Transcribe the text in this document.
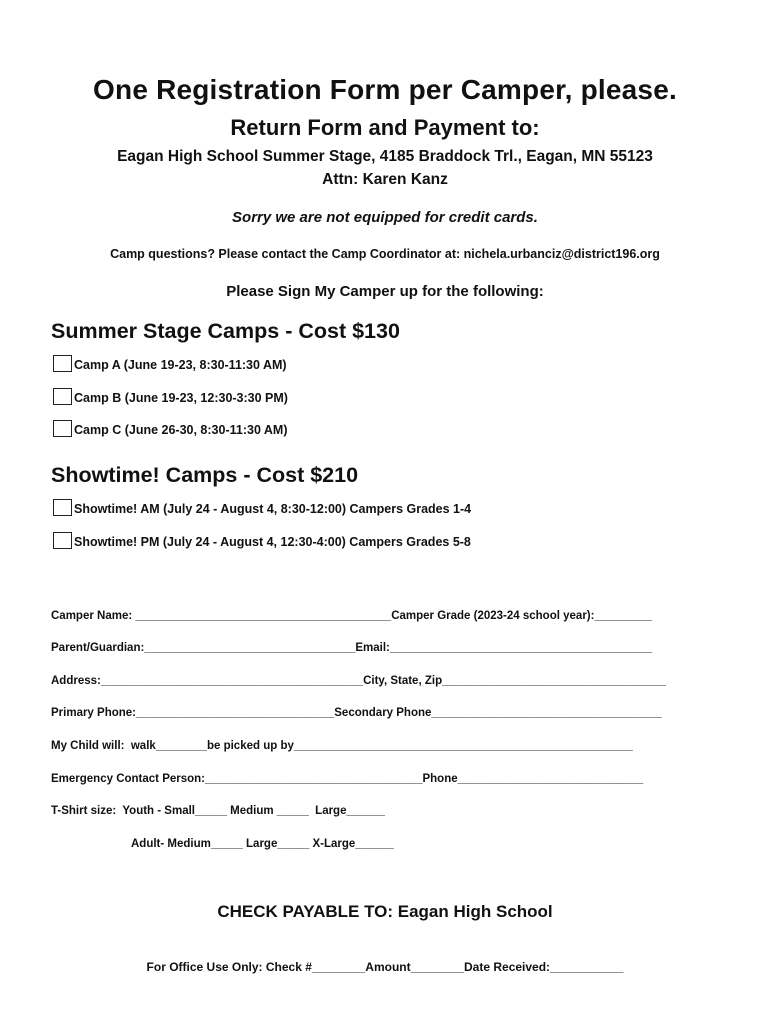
One Registration Form per Camper, please.
Return Form and Payment to:
Eagan High School Summer Stage, 4185 Braddock Trl., Eagan, MN 55123
Attn: Karen Kanz
Sorry we are not equipped for credit cards.
Camp questions? Please contact the Camp Coordinator at: nichela.urbanciz@district196.org
Please Sign My Camper up for the following:
Summer Stage Camps - Cost $130
Camp A (June 19-23, 8:30-11:30 AM)
Camp B (June 19-23, 12:30-3:30 PM)
Camp C (June 26-30, 8:30-11:30 AM)
Showtime! Camps - Cost $210
Showtime! AM (July 24 - August 4, 8:30-12:00) Campers Grades 1-4
Showtime! PM (July 24 - August 4, 12:30-4:00) Campers Grades 5-8
Camper Name: ________________________________________Camper Grade (2023-24 school year):_________
Parent/Guardian:_________________________________Email:_________________________________________
Address:_________________________________________City, State, Zip___________________________________
Primary Phone:_______________________________Secondary Phone____________________________________
My Child will:  walk________be picked up by_____________________________________________________
Emergency Contact Person:__________________________________Phone_____________________________
T-Shirt size:  Youth - Small_____ Medium _____  Large______
Adult- Medium_____ Large_____ X-Large______
CHECK PAYABLE TO: Eagan High School
For Office Use Only: Check #________Amount________Date Received:___________
